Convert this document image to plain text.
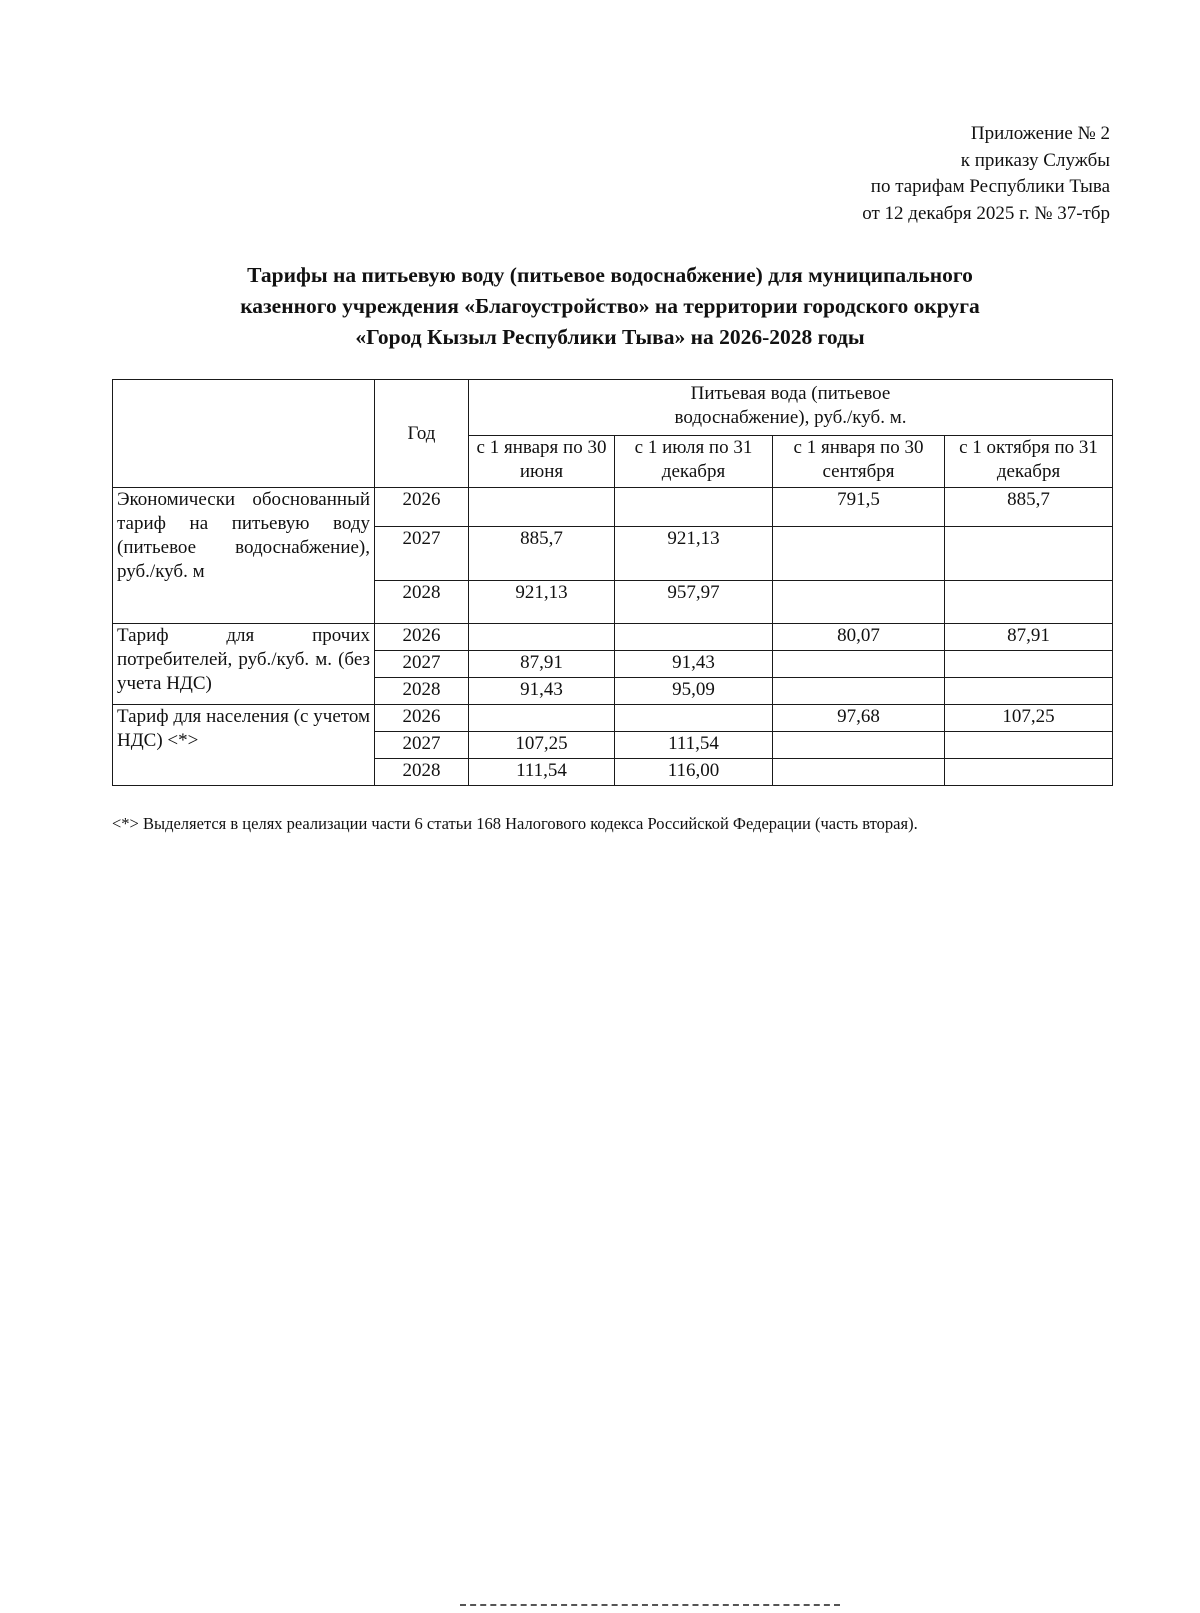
Приложение № 2
к приказу Службы
по тарифам Республики Тыва
от 12 декабря 2025 г. № 37-тбр
Тарифы на питьевую воду (питьевое водоснабжение) для муниципального
казенного учреждения «Благоустройство» на территории городского округа
«Город Кызыл Республики Тыва» на 2026-2028 годы
	Год	Питьевая вода (питьевое водоснабжение), руб./куб. м.			
		с 1 января по 30 июня	с 1 июля по 31 декабря	с 1 января по 30 сентября	с 1 октября по 31 декабря
Экономически обоснованный тариф на питьевую воду (питьевое водоснабжение), руб./куб. м	2026			791,5	885,7
	2027	885,7	921,13		
	2028	921,13	957,97		
Тариф для прочих потребителей, руб./куб. м. (без учета НДС)	2026			80,07	87,91
	2027	87,91	91,43		
	2028	91,43	95,09		
Тариф для населения (с учетом НДС) <*>	2026			97,68	107,25
	2027	107,25	111,54		
	2028	111,54	116,00		
<*> Выделяется в целях реализации части 6 статьи 168 Налогового кодекса Российской Федерации (часть вторая).
